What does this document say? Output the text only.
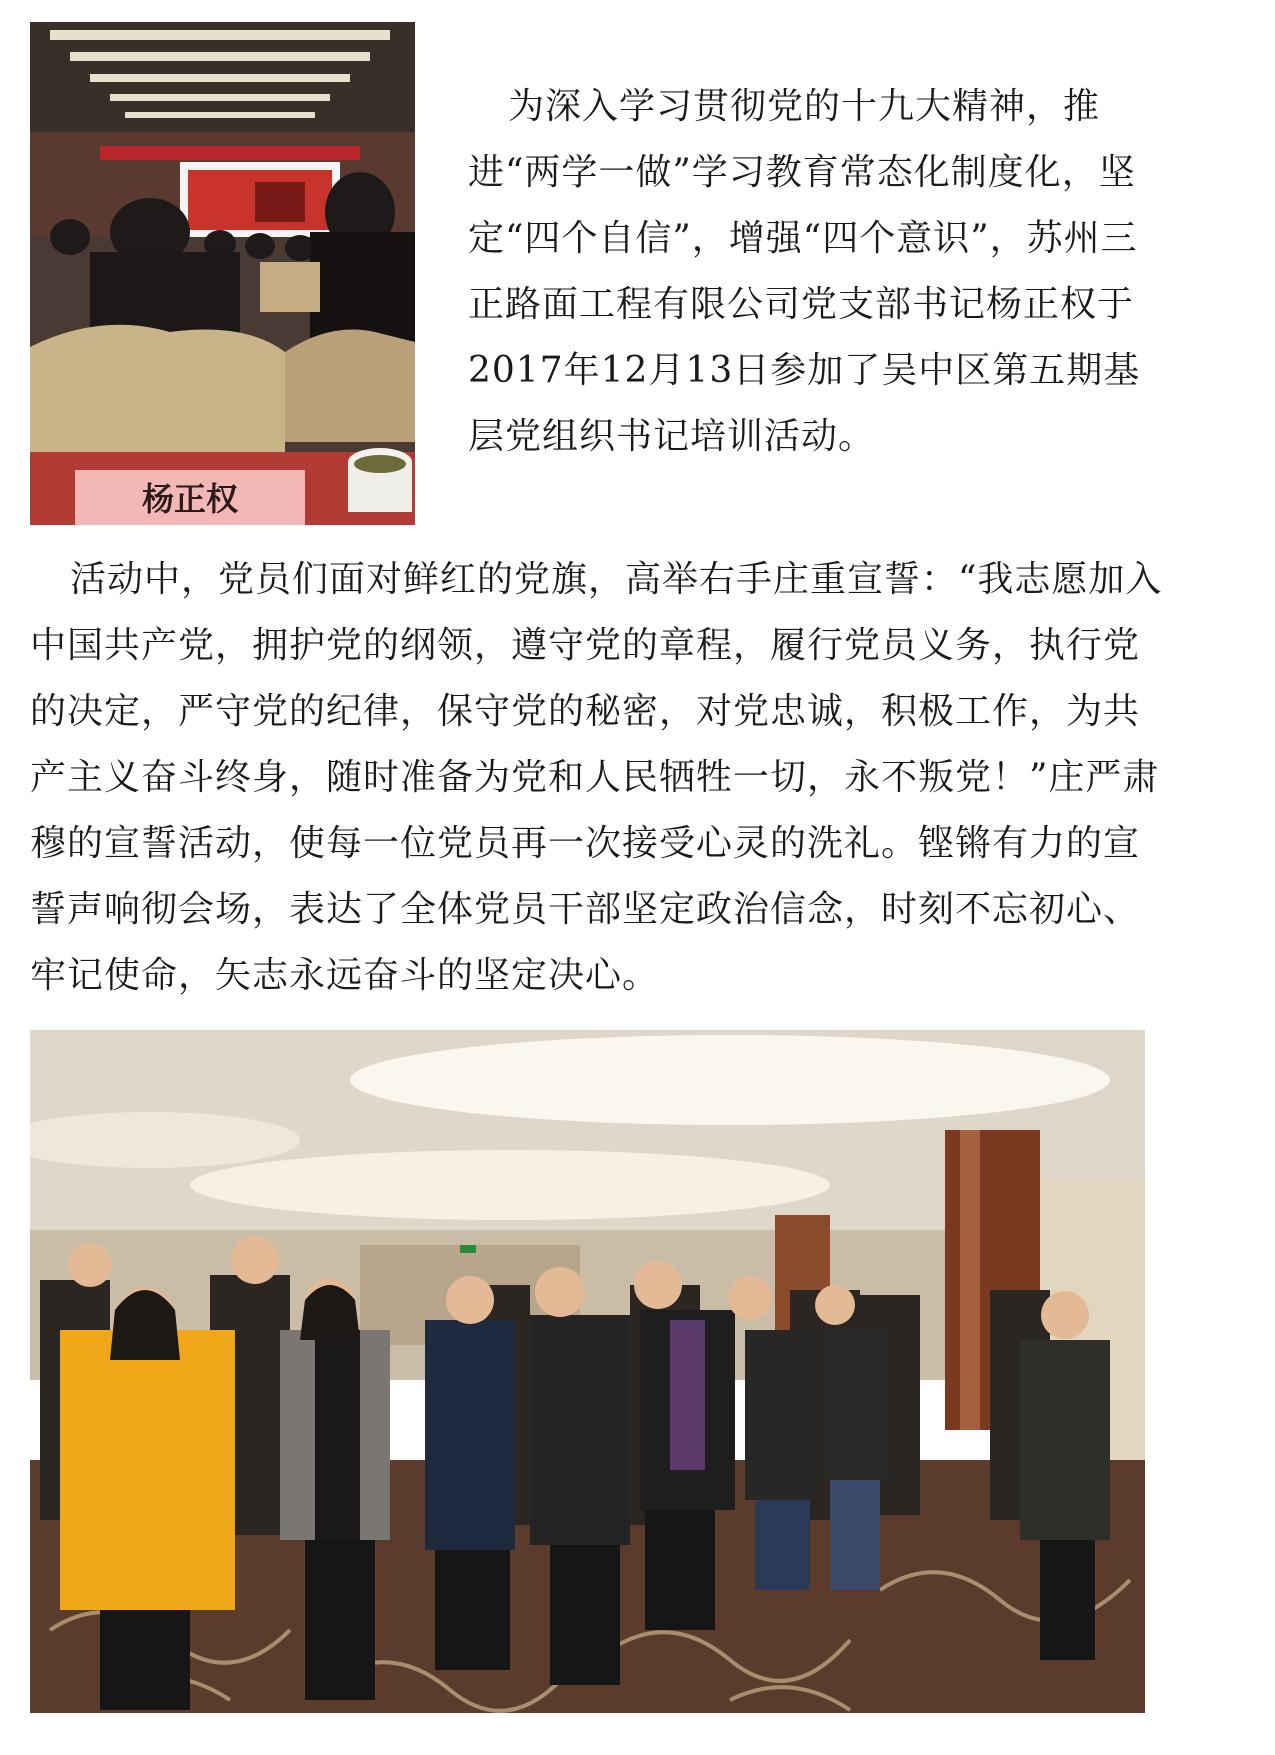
杨正权

为深入学习贯彻党的十九大精神，推进“两学一做”学习教育常态化制度化，坚定“四个自信”，增强“四个意识”，苏州三正路面工程有限公司党支部书记杨正权于2017年12月13日参加了吴中区第五期基层党组织书记培训活动。

活动中，党员们面对鲜红的党旗，高举右手庄重宣誓：“我志愿加入中国共产党，拥护党的纲领，遵守党的章程，履行党员义务，执行党的决定，严守党的纪律，保守党的秘密，对党忠诚，积极工作，为共产主义奋斗终身，随时准备为党和人民牺牲一切，永不叛党！”庄严肃穆的宣誓活动，使每一位党员再一次接受心灵的洗礼。铿锵有力的宣誓声响彻会场，表达了全体党员干部坚定政治信念，时刻不忘初心、牢记使命，矢志永远奋斗的坚定决心。
